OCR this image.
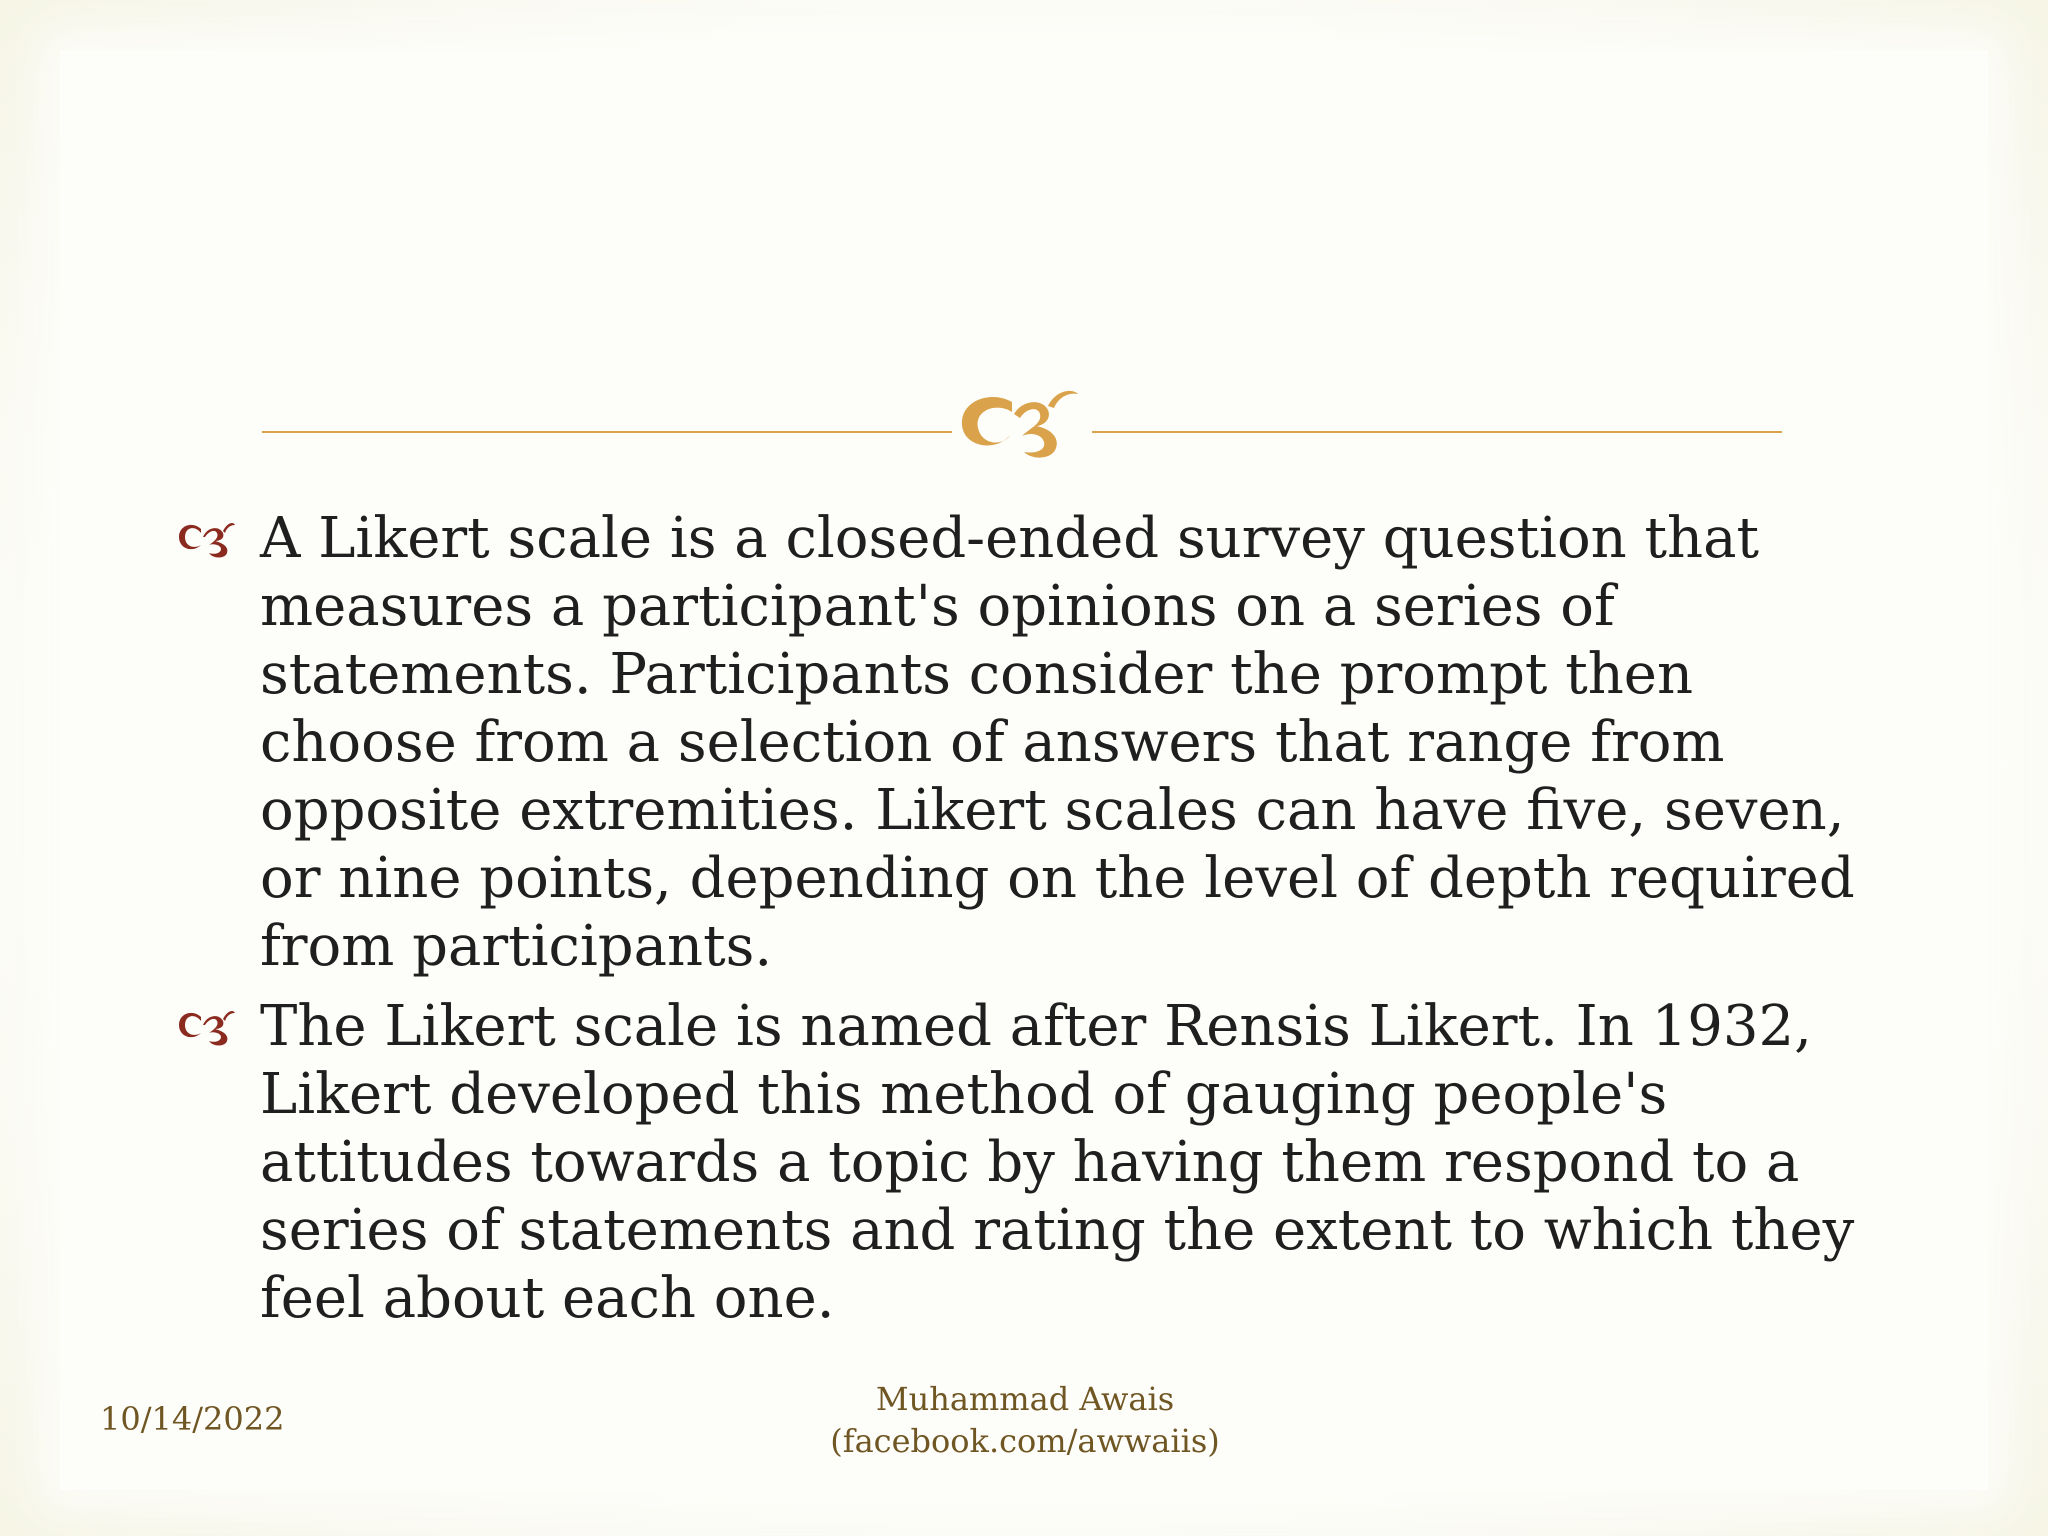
A Likert scale is a closed-ended survey question that measures a participant's opinions on a series of statements. Participants consider the prompt then choose from a selection of answers that range from opposite extremities. Likert scales can have five, seven, or nine points, depending on the level of depth required from participants.
The Likert scale is named after Rensis Likert. In 1932, Likert developed this method of gauging people's attitudes towards a topic by having them respond to a series of statements and rating the extent to which they feel about each one.
10/14/2022
Muhammad Awais
(facebook.com/awwaiis)
